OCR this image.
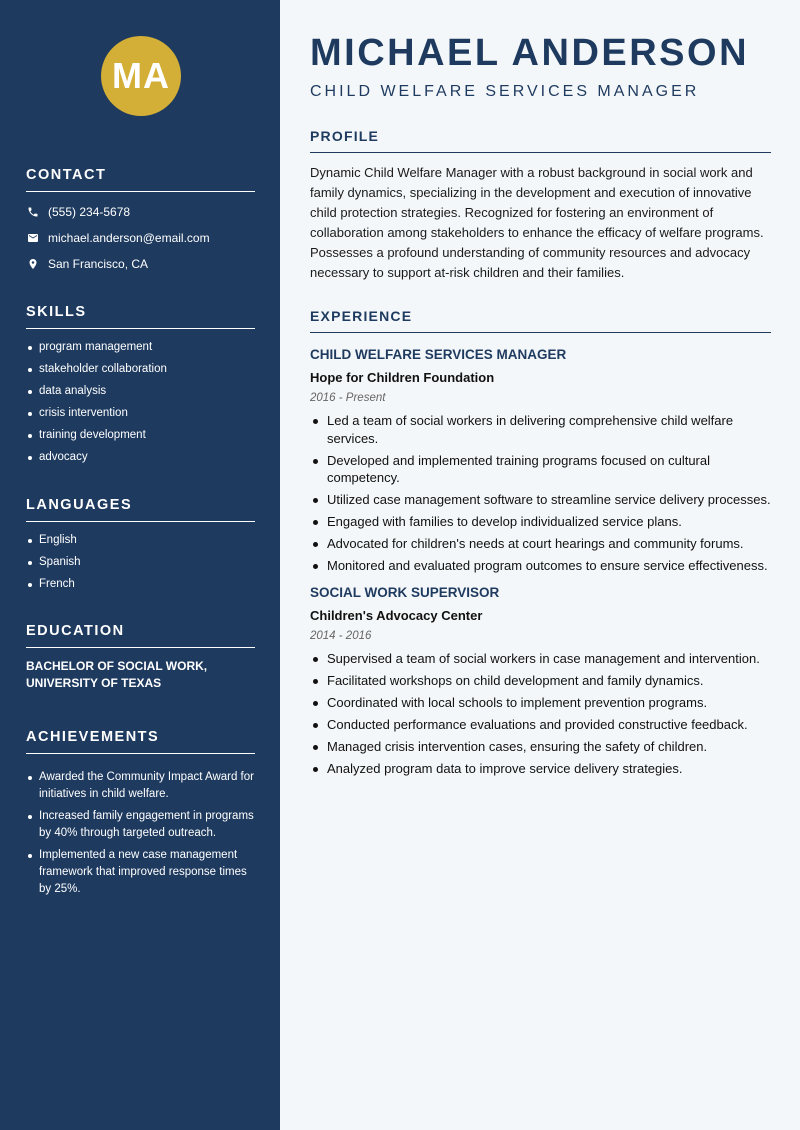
MA
CONTACT
(555) 234-5678
michael.anderson@email.com
San Francisco, CA
SKILLS
program management
stakeholder collaboration
data analysis
crisis intervention
training development
advocacy
LANGUAGES
English
Spanish
French
EDUCATION
BACHELOR OF SOCIAL WORK,
UNIVERSITY OF TEXAS
ACHIEVEMENTS
Awarded the Community Impact Award for initiatives in child welfare.
Increased family engagement in programs by 40% through targeted outreach.
Implemented a new case management framework that improved response times by 25%.
MICHAEL ANDERSON
CHILD WELFARE SERVICES MANAGER
PROFILE

Dynamic Child Welfare Manager with a robust background in social work and family dynamics, specializing in the development and execution of innovative child protection strategies. Recognized for fostering an environment of collaboration among stakeholders to enhance the efficacy of welfare programs. Possesses a profound understanding of community resources and advocacy necessary to support at-risk children and their families.

EXPERIENCE
CHILD WELFARE SERVICES MANAGER
Hope for Children Foundation
2016 - Present
Led a team of social workers in delivering comprehensive child welfare services.
Developed and implemented training programs focused on cultural competency.
Utilized case management software to streamline service delivery processes.
Engaged with families to develop individualized service plans.
Advocated for children's needs at court hearings and community forums.
Monitored and evaluated program outcomes to ensure service effectiveness.
SOCIAL WORK SUPERVISOR
Children's Advocacy Center
2014 - 2016
Supervised a team of social workers in case management and intervention.
Facilitated workshops on child development and family dynamics.
Coordinated with local schools to implement prevention programs.
Conducted performance evaluations and provided constructive feedback.
Managed crisis intervention cases, ensuring the safety of children.
Analyzed program data to improve service delivery strategies.
